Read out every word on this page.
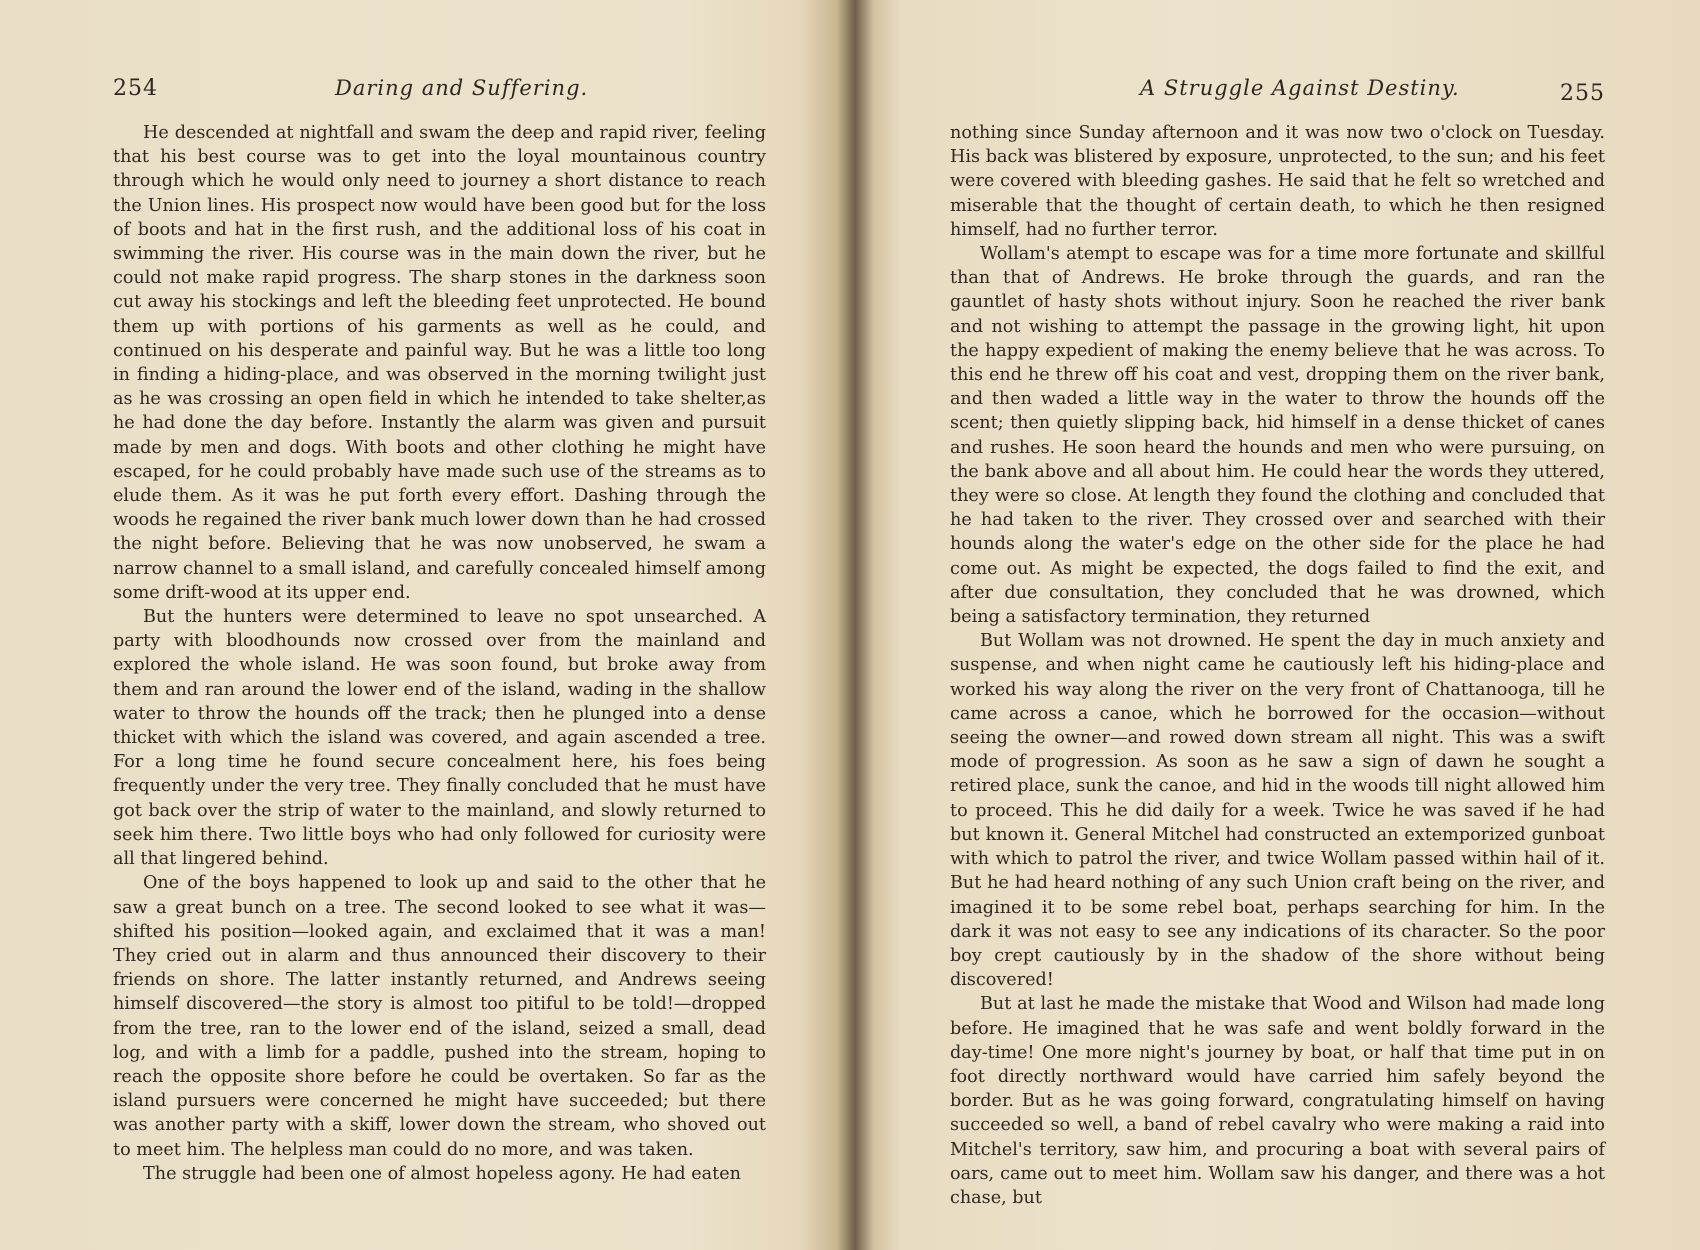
254	Daring and Suffering.

He descended at nightfall and swam the deep and rapid river, feeling that his best course was to get into the loyal mountainous country through which he would only need to journey a short distance to reach the Union lines. His prospect now would have been good but for the loss of boots and hat in the first rush, and the additional loss of his coat in swimming the river. His course was in the main down the river, but he could not make rapid progress. The sharp stones in the darkness soon cut away his stockings and left the bleeding feet unprotected. He bound them up with portions of his garments as well as he could, and continued on his desperate and painful way. But he was a little too long in finding a hiding-place, and was observed in the morning twilight just as he was crossing an open field in which he intended to take shelter,as he had done the day before. Instantly the alarm was given and pursuit made by men and dogs. With boots and other clothing he might have escaped, for he could probably have made such use of the streams as to elude them. As it was he put forth every effort. Dashing through the woods he regained the river bank much lower down than he had crossed the night before. Believing that he was now unobserved, he swam a narrow channel to a small island, and carefully concealed himself among some drift-wood at its upper end.

But the hunters were determined to leave no spot unsearched. A party with bloodhounds now crossed over from the mainland and explored the whole island. He was soon found, but broke away from them and ran around the lower end of the island, wading in the shallow water to throw the hounds off the track; then he plunged into a dense thicket with which the island was covered, and again ascended a tree. For a long time he found secure concealment here, his foes being frequently under the very tree. They finally concluded that he must have got back over the strip of water to the mainland, and slowly returned to seek him there. Two little boys who had only followed for curiosity were all that lingered behind.

One of the boys happened to look up and said to the other that he saw a great bunch on a tree. The second looked to see what it was—shifted his position—looked again, and exclaimed that it was a man! They cried out in alarm and thus announced their discovery to their friends on shore. The latter instantly returned, and Andrews seeing himself discovered—the story is almost too pitiful to be told!—dropped from the tree, ran to the lower end of the island, seized a small, dead log, and with a limb for a paddle, pushed into the stream, hoping to reach the opposite shore before he could be overtaken. So far as the island pursuers were concerned he might have succeeded; but there was another party with a skiff, lower down the stream, who shoved out to meet him. The helpless man could do no more, and was taken.

The struggle had been one of almost hopeless agony. He had eaten

A Struggle Against Destiny.	255

nothing since Sunday afternoon and it was now two o'clock on Tuesday. His back was blistered by exposure, unprotected, to the sun; and his feet were covered with bleeding gashes. He said that he felt so wretched and miserable that the thought of certain death, to which he then resigned himself, had no further terror.

Wollam's atempt to escape was for a time more fortunate and skillful than that of Andrews. He broke through the guards, and ran the gauntlet of hasty shots without injury. Soon he reached the river bank and not wishing to attempt the passage in the growing light, hit upon the happy expedient of making the enemy believe that he was across. To this end he threw off his coat and vest, dropping them on the river bank, and then waded a little way in the water to throw the hounds off the scent; then quietly slipping back, hid himself in a dense thicket of canes and rushes. He soon heard the hounds and men who were pursuing, on the bank above and all about him. He could hear the words they uttered, they were so close. At length they found the clothing and concluded that he had taken to the river. They crossed over and searched with their hounds along the water's edge on the other side for the place he had come out. As might be expected, the dogs failed to find the exit, and after due consultation, they concluded that he was drowned, which being a satisfactory termination, they returned

But Wollam was not drowned. He spent the day in much anxiety and suspense, and when night came he cautiously left his hiding-place and worked his way along the river on the very front of Chattanooga, till he came across a canoe, which he borrowed for the occasion—without seeing the owner—and rowed down stream all night. This was a swift mode of progression. As soon as he saw a sign of dawn he sought a retired place, sunk the canoe, and hid in the woods till night allowed him to proceed. This he did daily for a week. Twice he was saved if he had but known it. General Mitchel had constructed an extemporized gunboat with which to patrol the river, and twice Wollam passed within hail of it. But he had heard nothing of any such Union craft being on the river, and imagined it to be some rebel boat, perhaps searching for him. In the dark it was not easy to see any indications of its character. So the poor boy crept cautiously by in the shadow of the shore without being discovered!

But at last he made the mistake that Wood and Wilson had made long before. He imagined that he was safe and went boldly forward in the day-time! One more night's journey by boat, or half that time put in on foot directly northward would have carried him safely beyond the border. But as he was going forward, congratulating himself on having succeeded so well, a band of rebel cavalry who were making a raid into Mitchel's territory, saw him, and procuring a boat with several pairs of oars, came out to meet him. Wollam saw his danger, and there was a hot chase, but
